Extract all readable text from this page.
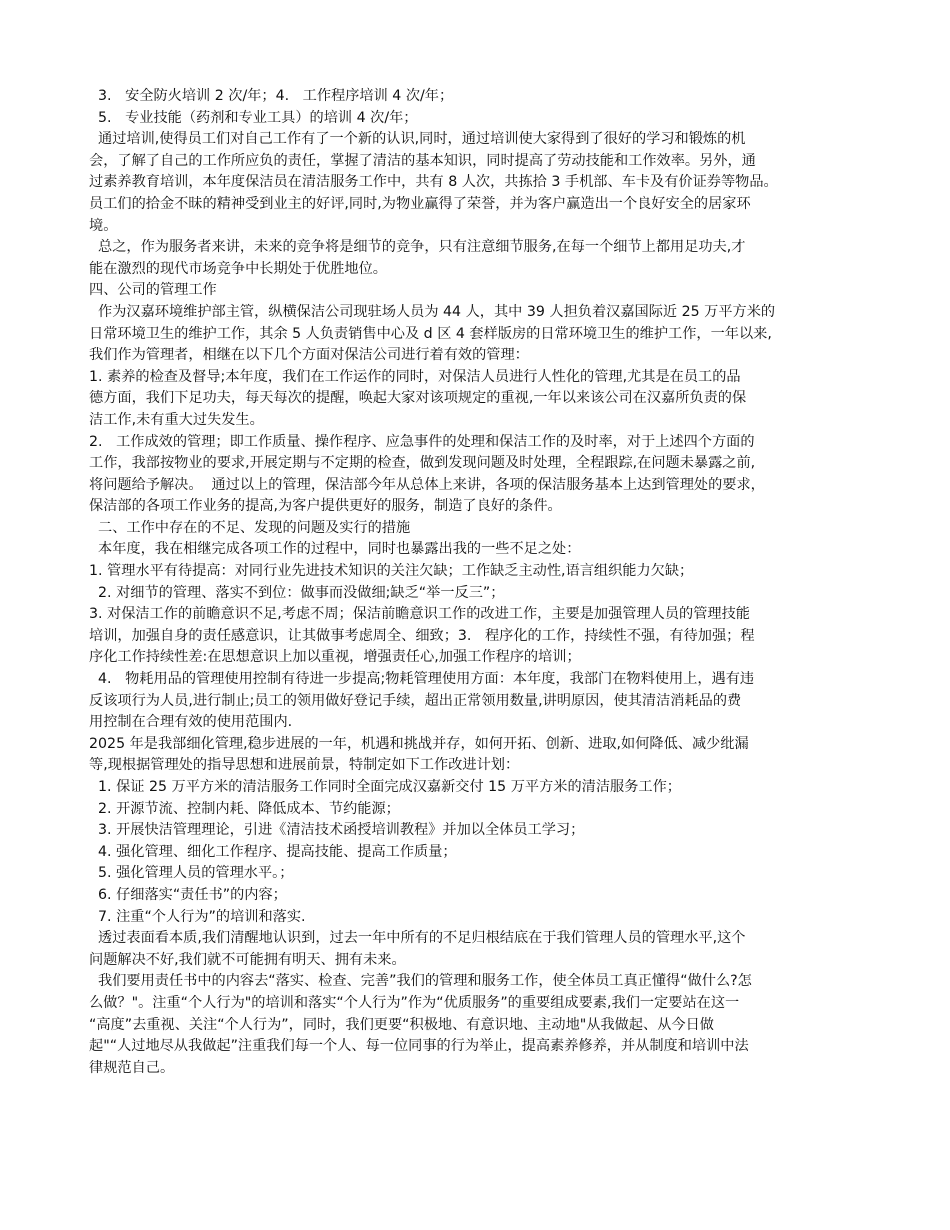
3.   安全防火培训 2 次/年；4.   工作程序培训 4 次/年；
5.   专业技能（药剂和专业工具）的培训 4 次/年；
通过培训,使得员工们对自己工作有了一个新的认识,同时，通过培训使大家得到了很好的学习和锻炼的机
会，了解了自己的工作所应负的责任，掌握了清洁的基本知识，同时提高了劳动技能和工作效率。另外，通
过素养教育培训，本年度保洁员在清洁服务工作中，共有 8 人次，共拣拾 3 手机部、车卡及有价证券等物品。
员工们的拾金不昧的精神受到业主的好评,同时,为物业赢得了荣誉，并为客户赢造出一个良好安全的居家环
境。
总之，作为服务者来讲，未来的竞争将是细节的竞争，只有注意细节服务,在每一个细节上都用足功夫,才
能在激烈的现代市场竞争中长期处于优胜地位。
四、公司的管理工作
作为汉嘉环境维护部主管，纵横保洁公司现驻场人员为 44 人，其中 39 人担负着汉嘉国际近 25 万平方米的
日常环境卫生的维护工作，其余 5 人负责销售中心及 d 区 4 套样版房的日常环境卫生的维护工作，一年以来,
我们作为管理者，相继在以下几个方面对保洁公司进行着有效的管理：
1. 素养的检查及督导;本年度，我们在工作运作的同时，对保洁人员进行人性化的管理,尤其是在员工的品
德方面，我们下足功夫，每天每次的提醒，唤起大家对该项规定的重视,一年以来该公司在汉嘉所负责的保
洁工作,未有重大过失发生。
2.   工作成效的管理；即工作质量、操作程序、应急事件的处理和保洁工作的及时率，对于上述四个方面的
工作，我部按物业的要求,开展定期与不定期的检查，做到发现问题及时处理，全程跟踪,在问题未暴露之前,
将问题给予解决。  通过以上的管理，保洁部今年从总体上来讲，各项的保洁服务基本上达到管理处的要求，
保洁部的各项工作业务的提高,为客户提供更好的服务，制造了良好的条件。
二、工作中存在的不足、发现的问题及实行的措施
本年度，我在相继完成各项工作的过程中，同时也暴露出我的一些不足之处：
1. 管理水平有待提高：对同行业先进技术知识的关注欠缺；工作缺乏主动性,语言组织能力欠缺；
2. 对细节的管理、落实不到位：做事而没做细;缺乏“举一反三”；
3. 对保洁工作的前瞻意识不足,考虑不周；保洁前瞻意识工作的改进工作，主要是加强管理人员的管理技能
培训，加强自身的责任感意识，让其做事考虑周全、细致；3.   程序化的工作，持续性不强，有待加强；程
序化工作持续性差:在思想意识上加以重视，增强责任心,加强工作程序的培训；
4.   物耗用品的管理使用控制有待进一步提高;物耗管理使用方面：本年度，我部门在物料使用上，遇有违
反该项行为人员,进行制止;员工的领用做好登记手续，超出正常领用数量,讲明原因，使其清洁消耗品的费
用控制在合理有效的使用范围内.
2025 年是我部细化管理,稳步进展的一年，机遇和挑战并存，如何开拓、创新、进取,如何降低、减少纰漏
等,现根据管理处的指导思想和进展前景，特制定如下工作改进计划：
1. 保证 25 万平方米的清洁服务工作同时全面完成汉嘉新交付 15 万平方米的清洁服务工作；
2. 开源节流、控制内耗、降低成本、节约能源；
3. 开展快洁管理理论，引进《清洁技术函授培训教程》并加以全体员工学习；
4. 强化管理、细化工作程序、提高技能、提高工作质量；
5. 强化管理人员的管理水平。；
6. 仔细落实“责任书”的内容；
7. 注重“个人行为”的培训和落实.
透过表面看本质,我们清醒地认识到，过去一年中所有的不足归根结底在于我们管理人员的管理水平,这个
问题解决不好,我们就不可能拥有明天、拥有未来。
我们要用责任书中的内容去“落实、检查、完善”我们的管理和服务工作，使全体员工真正懂得“做什么?怎
么做？"。注重“个人行为"的培训和落实“个人行为”作为“优质服务”的重要组成要素,我们一定要站在这一
“高度”去重视、关注“个人行为”，同时，我们更要“积极地、有意识地、主动地"从我做起、从今日做
起"“人过地尽从我做起”注重我们每一个人、每一位同事的行为举止，提高素养修养，并从制度和培训中法
律规范自己。
